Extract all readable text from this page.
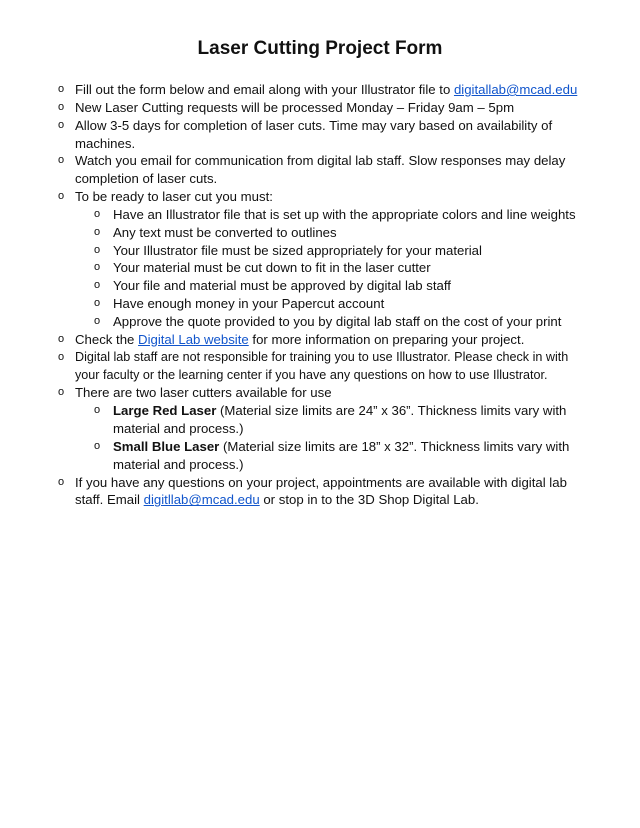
Laser Cutting Project Form
o Fill out the form below and email along with your Illustrator file to digitallab@mcad.edu
o New Laser Cutting requests will be processed Monday – Friday 9am – 5pm
o Allow 3-5 days for completion of laser cuts. Time may vary based on availability of
machines.
o Watch you email for communication from digital lab staff. Slow responses may delay
completion of laser cuts.
o To be ready to laser cut you must:
o Have an Illustrator file that is set up with the appropriate colors and line weights
o Any text must be converted to outlines
o Your Illustrator file must be sized appropriately for your material
o Your material must be cut down to fit in the laser cutter
o Your file and material must be approved by digital lab staff
o Have enough money in your Papercut account
o Approve the quote provided to you by digital lab staff on the cost of your print
o Check the Digital Lab website for more information on preparing your project.
o Digital lab staff are not responsible for training you to use Illustrator. Please check in with
your faculty or the learning center if you have any questions on how to use Illustrator.
o There are two laser cutters available for use
o Large Red Laser (Material size limits are 24” x 36”. Thickness limits vary with
material and process.)
o Small Blue Laser (Material size limits are 18” x 32”. Thickness limits vary with
material and process.)
o If you have any questions on your project, appointments are available with digital lab
staff. Email digitllab@mcad.edu or stop in to the 3D Shop Digital Lab.
